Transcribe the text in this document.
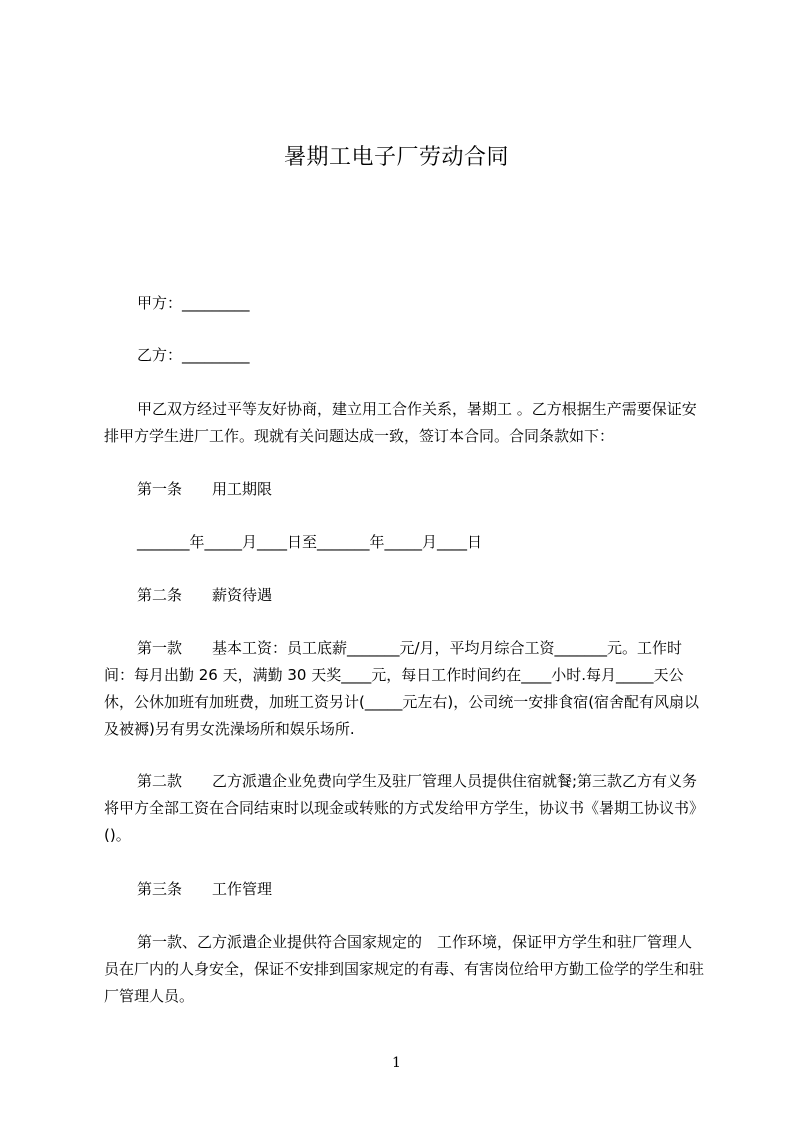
暑期工电子厂劳动合同

甲方：_________

乙方：_________

甲乙双方经过平等友好协商，建立用工合作关系，暑期工 。乙方根据生产需要保证安排甲方学生进厂工作。现就有关问题达成一致，签订本合同。合同条款如下：

第一条　　用工期限

_______年_____月____日至_______年_____月____日

第二条　　薪资待遇

第一款　　基本工资：员工底薪_______元/月，平均月综合工资_______元。工作时间：每月出勤 26 天，满勤 30 天奖____元，每日工作时间约在____小时.每月_____天公休，公休加班有加班费，加班工资另计(_____元左右)，公司统一安排食宿(宿舍配有风扇以及被褥)另有男女洗澡场所和娱乐场所.

第二款　　乙方派遣企业免费向学生及驻厂管理人员提供住宿就餐;第三款乙方有义务将甲方全部工资在合同结束时以现金或转账的方式发给甲方学生，协议书《暑期工协议书》()。

第三条　　工作管理

第一款、乙方派遣企业提供符合国家规定的　工作环境，保证甲方学生和驻厂管理人员在厂内的人身安全，保证不安排到国家规定的有毒、有害岗位给甲方勤工俭学的学生和驻厂管理人员。

1
